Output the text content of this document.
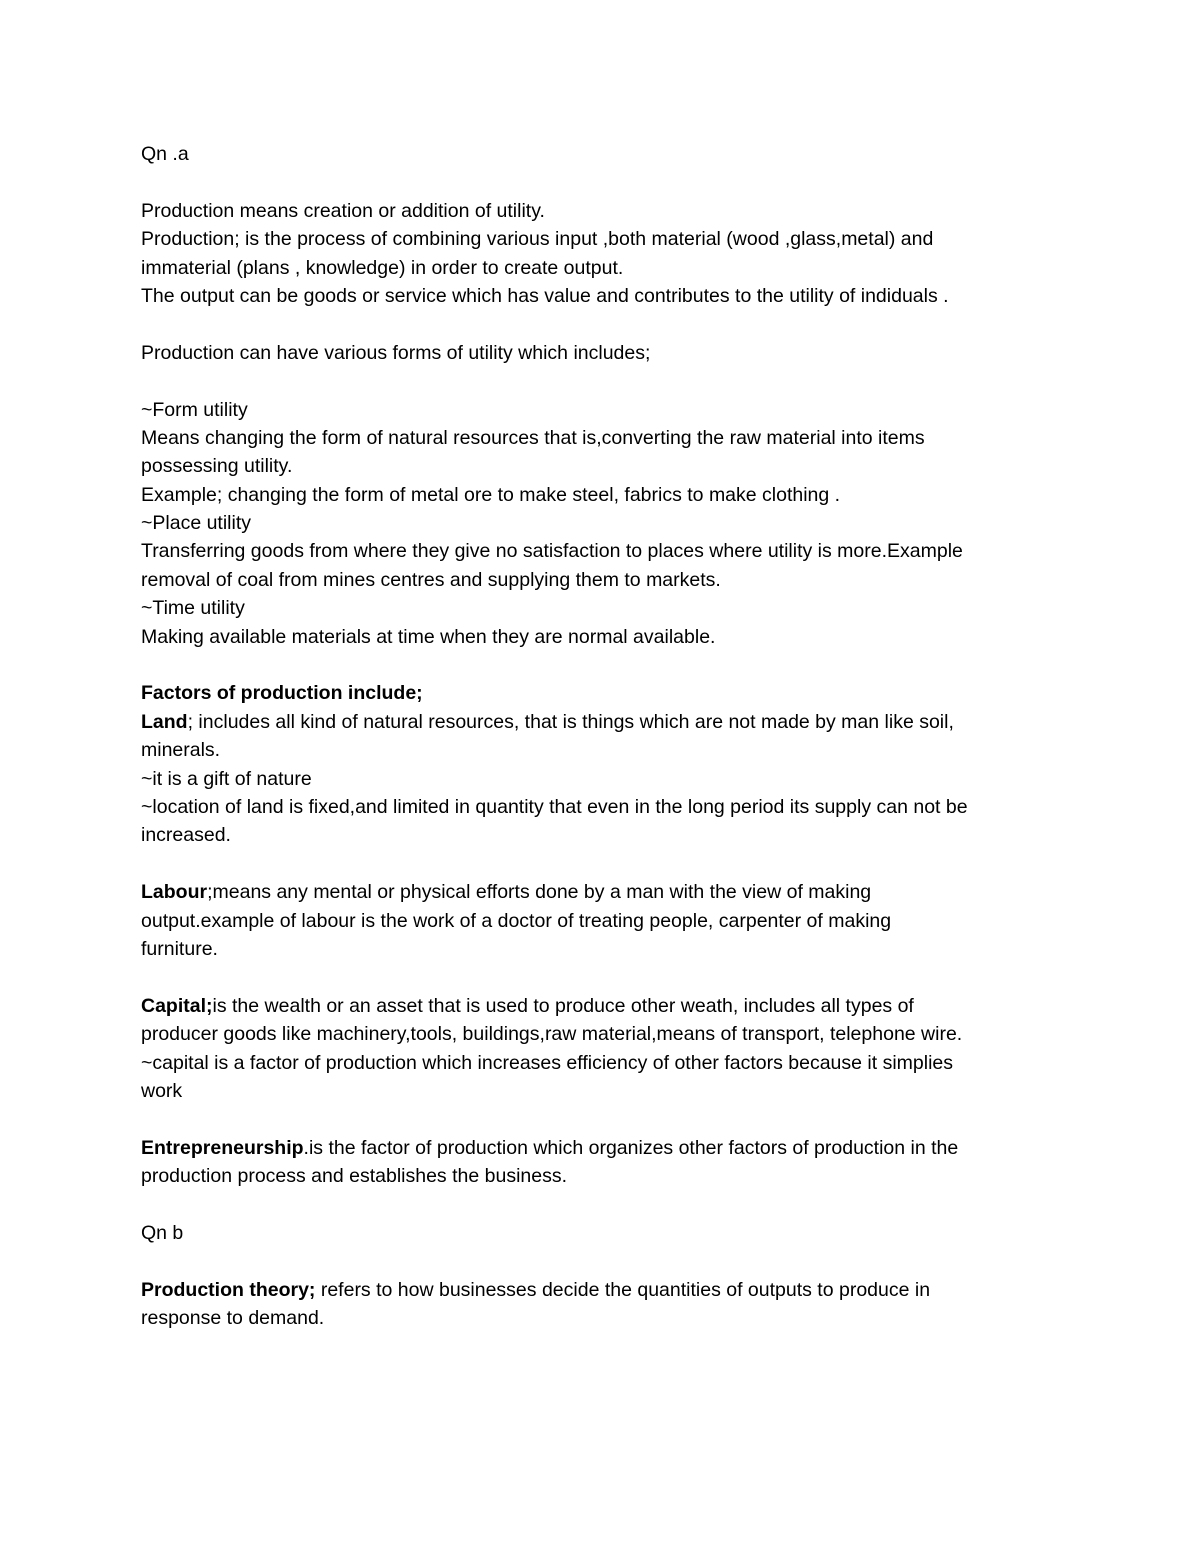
Qn .a
Production means creation or addition of utility.
Production; is the process of combining various input ,both material (wood ,glass,metal) and
immaterial (plans , knowledge) in order to create output.
The output can be goods or service which has value and contributes to the utility of indiduals .
Production can have various forms of utility which includes;
~Form utility
Means changing the form of natural resources that is,converting the raw material into items
possessing utility.
Example; changing the form of metal ore to make steel, fabrics to make clothing .
~Place utility
Transferring goods from where they give no satisfaction to places where utility is more.Example
removal of coal from mines centres and supplying them to markets.
~Time utility
Making available materials at time when they are normal available.
Factors of production include;
Land; includes all kind of natural resources, that is things which are not made by man like soil,
minerals.
~it is a gift of nature
~location of land is fixed,and limited in quantity that even in the long period its supply can not be
increased.
Labour;means any mental or physical efforts done by a man with the view of making
output.example of labour is the work of a doctor of treating people, carpenter of making
furniture.
Capital;is the wealth or an asset that is used to produce other weath, includes all types of
producer goods like machinery,tools, buildings,raw material,means of transport, telephone wire.
~capital is a factor of production which increases efficiency of other factors because it simplies
work
Entrepreneurship.is the factor of production which organizes other factors of production in the
production process and establishes the business.
Qn b
Production theory; refers to how businesses decide the quantities of outputs to produce in
response to demand.
